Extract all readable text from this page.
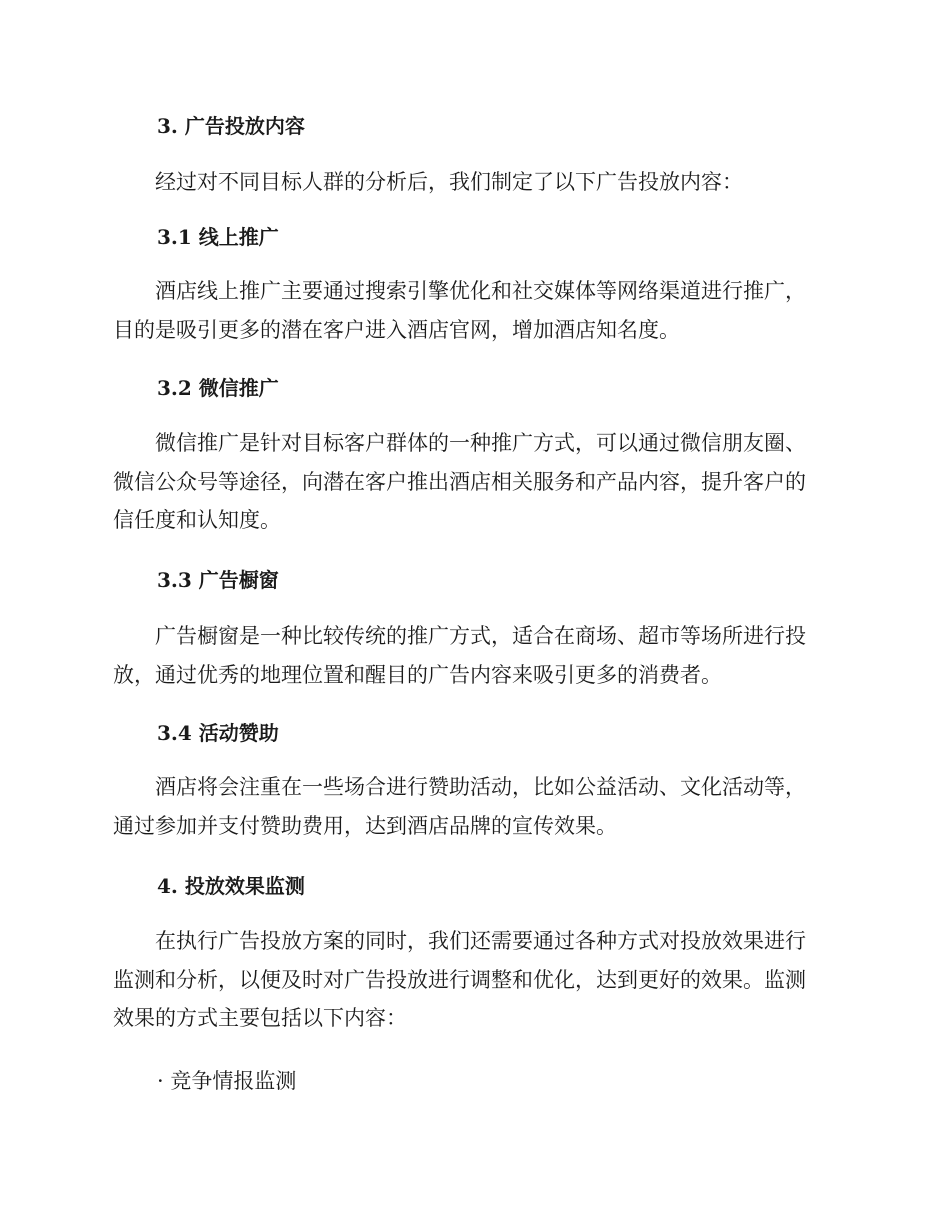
3. 广告投放内容
经过对不同目标人群的分析后，我们制定了以下广告投放内容：
3.1 线上推广
酒店线上推广主要通过搜索引擎优化和社交媒体等网络渠道进行推广，
目的是吸引更多的潜在客户进入酒店官网，增加酒店知名度。
3.2 微信推广
微信推广是针对目标客户群体的一种推广方式，可以通过微信朋友圈、
微信公众号等途径，向潜在客户推出酒店相关服务和产品内容，提升客户的
信任度和认知度。
3.3 广告橱窗
广告橱窗是一种比较传统的推广方式，适合在商场、超市等场所进行投
放，通过优秀的地理位置和醒目的广告内容来吸引更多的消费者。
3.4 活动赞助
酒店将会注重在一些场合进行赞助活动，比如公益活动、文化活动等，
通过参加并支付赞助费用，达到酒店品牌的宣传效果。
4. 投放效果监测
在执行广告投放方案的同时，我们还需要通过各种方式对投放效果进行
监测和分析，以便及时对广告投放进行调整和优化，达到更好的效果。监测
效果的方式主要包括以下内容：
· 竞争情报监测
